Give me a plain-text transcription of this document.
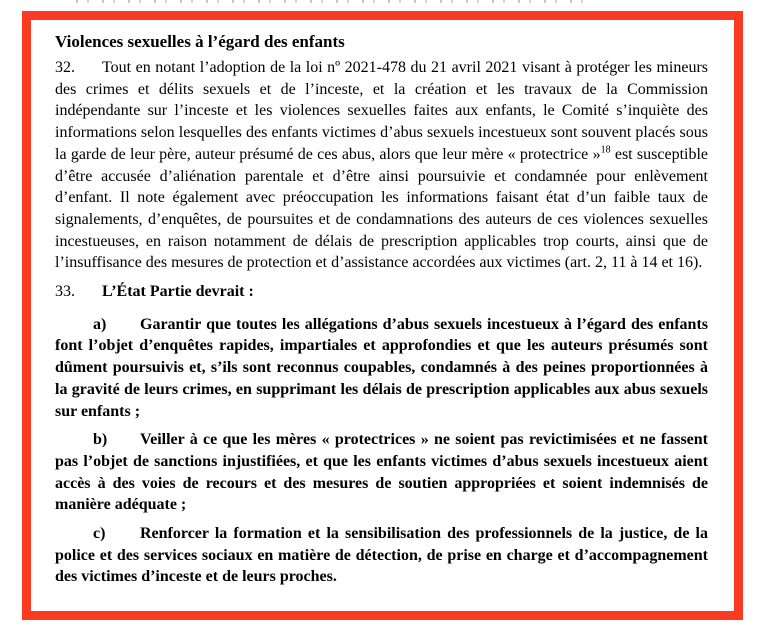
Violences sexuelles à l’égard des enfants

32. Tout en notant l’adoption de la loi nº 2021-478 du 21 avril 2021 visant à protéger les mineurs des crimes et délits sexuels et de l’inceste, et la création et les travaux de la Commission indépendante sur l’inceste et les violences sexuelles faites aux enfants, le Comité s’inquiète des informations selon lesquelles des enfants victimes d’abus sexuels incestueux sont souvent placés sous la garde de leur père, auteur présumé de ces abus, alors que leur mère « protectrice »$^{18}$ est susceptible d’être accusée d’aliénation parentale et d’être ainsi poursuivie et condamnée pour enlèvement d’enfant. Il note également avec préoccupation les informations faisant état d’un faible taux de signalements, d’enquêtes, de poursuites et de condamnations des auteurs de ces violences sexuelles incestueuses, en raison notamment de délais de prescription applicables trop courts, ainsi que de l’insuffisance des mesures de protection et d’assistance accordées aux victimes (art. 2, 11 à 14 et 16).

33. L’État Partie devrait :

a) Garantir que toutes les allégations d’abus sexuels incestueux à l’égard des enfants font l’objet d’enquêtes rapides, impartiales et approfondies et que les auteurs présumés sont dûment poursuivis et, s’ils sont reconnus coupables, condamnés à des peines proportionnées à la gravité de leurs crimes, en supprimant les délais de prescription applicables aux abus sexuels sur enfants ;

b) Veiller à ce que les mères « protectrices » ne soient pas revictimisées et ne fassent pas l’objet de sanctions injustifiées, et que les enfants victimes d’abus sexuels incestueux aient accès à des voies de recours et des mesures de soutien appropriées et soient indemnisés de manière adéquate ;

c) Renforcer la formation et la sensibilisation des professionnels de la justice, de la police et des services sociaux en matière de détection, de prise en charge et d’accompagnement des victimes d’inceste et de leurs proches.
